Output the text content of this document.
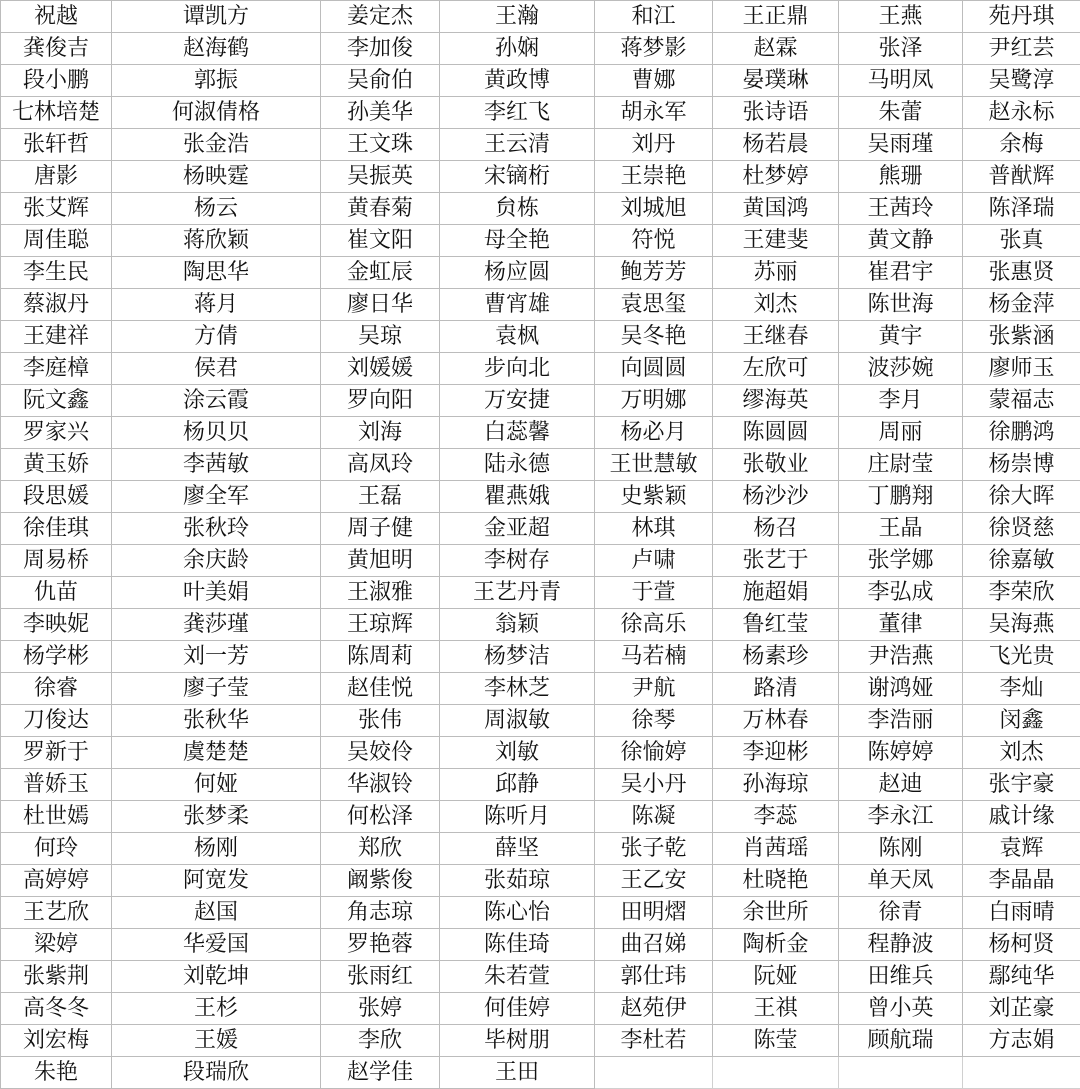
祝越	谭凯方	姜定杰	王瀚	和江	王正鼎	王燕	苑丹琪
龚俊吉	赵海鹤	李加俊	孙娴	蒋梦影	赵霖	张泽	尹红芸
段小鹏	郭振	吴俞伯	黄政博	曹娜	晏璞琳	马明凤	吴鹭淳
七林培楚	何淑倩格	孙美华	李红飞	胡永军	张诗语	朱蕾	赵永标
张轩哲	张金浩	王文珠	王云清	刘丹	杨若晨	吴雨瑾	余梅
唐影	杨映霆	吴振英	宋镝桁	王崇艳	杜梦婷	熊珊	普猷辉
张艾辉	杨云	黄春菊	贠栋	刘城旭	黄国鸿	王茜玲	陈泽瑞
周佳聪	蒋欣颖	崔文阳	母全艳	符悦	王建斐	黄文静	张真
李生民	陶思华	金虹辰	杨应圆	鲍芳芳	苏丽	崔君宇	张惠贤
蔡淑丹	蒋月	廖日华	曹宵雄	袁思玺	刘杰	陈世海	杨金萍
王建祥	方倩	吴琼	袁枫	吴冬艳	王继春	黄宇	张紫涵
李庭樟	侯君	刘媛媛	步向北	向圆圆	左欣可	波莎婉	廖师玉
阮文鑫	涂云霞	罗向阳	万安捷	万明娜	缪海英	李月	蒙福志
罗家兴	杨贝贝	刘海	白蕊馨	杨必月	陈圆圆	周丽	徐鹏鸿
黄玉娇	李茜敏	高凤玲	陆永德	王世慧敏	张敬业	庄尉莹	杨崇博
段思媛	廖全军	王磊	瞿燕娥	史紫颖	杨沙沙	丁鹏翔	徐大晖
徐佳琪	张秋玲	周子健	金亚超	林琪	杨召	王晶	徐贤慈
周易桥	余庆龄	黄旭明	李树存	卢啸	张艺于	张学娜	徐嘉敏
仇苗	叶美娟	王淑雅	王艺丹青	于萱	施超娟	李弘成	李荣欣
李映妮	龚莎瑾	王琼辉	翁颖	徐高乐	鲁红莹	董律	吴海燕
杨学彬	刘一芳	陈周莉	杨梦洁	马若楠	杨素珍	尹浩燕	飞光贵
徐睿	廖子莹	赵佳悦	李林芝	尹航	路清	谢鸿娅	李灿
刀俊达	张秋华	张伟	周淑敏	徐琴	万林春	李浩丽	闵鑫
罗新于	虞楚楚	吴姣伶	刘敏	徐愉婷	李迎彬	陈婷婷	刘杰
普娇玉	何娅	华淑铃	邱静	吴小丹	孙海琼	赵迪	张宇豪
杜世嫣	张梦柔	何松泽	陈听月	陈凝	李蕊	李永江	戚计缘
何玲	杨刚	郑欣	薛坚	张子乾	肖茜瑶	陈刚	袁辉
高婷婷	阿宽发	阚紫俊	张茹琼	王乙安	杜晓艳	单天凤	李晶晶
王艺欣	赵国	角志琼	陈心怡	田明熠	余世所	徐青	白雨晴
梁婷	华爱国	罗艳蓉	陈佳琦	曲召娣	陶析金	程静波	杨柯贤
张紫荆	刘乾坤	张雨红	朱若萱	郭仕玮	阮娅	田维兵	鄢纯华
高冬冬	王杉	张婷	何佳婷	赵苑伊	王祺	曾小英	刘芷豪
刘宏梅	王媛	李欣	毕树朋	李杜若	陈莹	顾航瑞	方志娟
朱艳	段瑞欣	赵学佳	王田				
